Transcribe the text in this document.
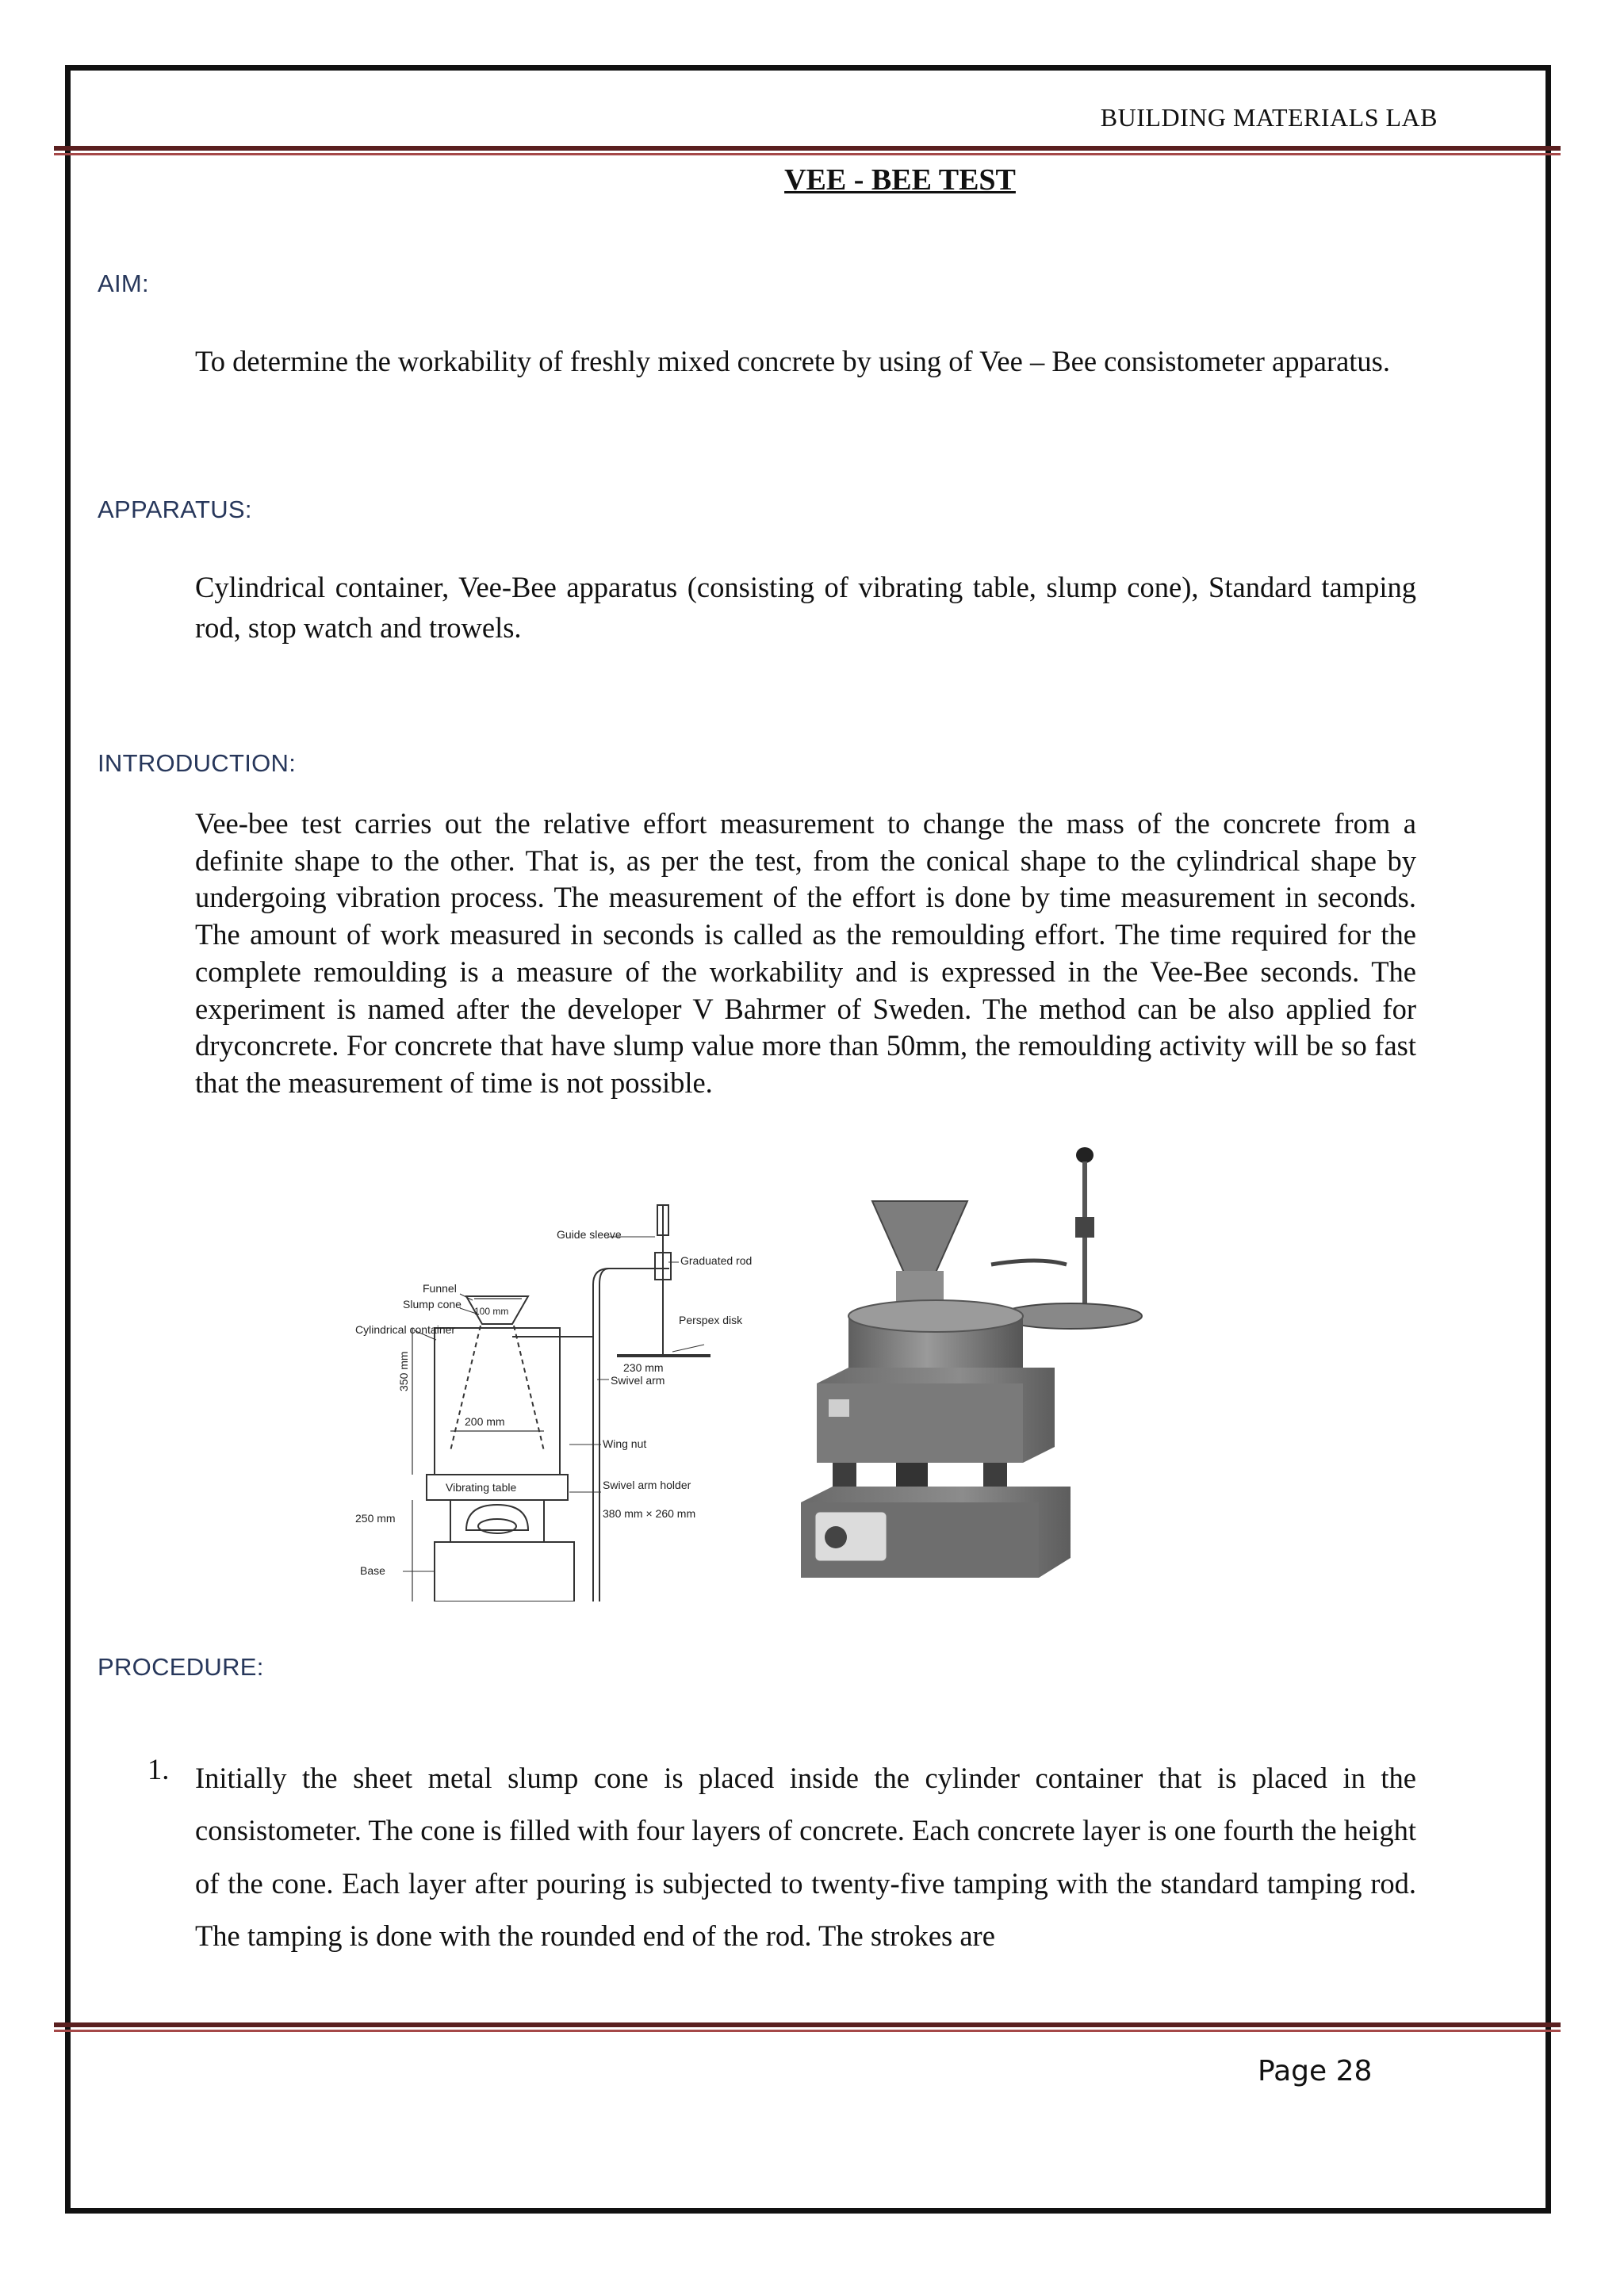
BUILDING MATERIALS LAB
VEE - BEE TEST
AIM:
To determine the workability of freshly mixed concrete by using of Vee – Bee consistometer apparatus.
APPARATUS:
Cylindrical container, Vee-Bee apparatus (consisting of vibrating table, slump cone), Standard tamping rod, stop watch and trowels.
INTRODUCTION:
Vee-bee test carries out the relative effort measurement to change the mass of the concrete from a definite shape to the other. That is, as per the test, from the conical shape to the cylindrical shape by undergoing vibration process. The measurement of the effort is done by time measurement in seconds. The amount of work measured in seconds is called as the remoulding effort. The time required for the complete remoulding is a measure of the workability and is expressed in the Vee-Bee seconds. The experiment is named after the developer V Bahrmer of Sweden. The method can be also applied for dryconcrete. For concrete that have slump value more than 50mm, the remoulding activity will be so fast that the measurement of time is not possible.
Guide sleeve
Graduated rod
Funnel
Slump cone
Perspex disk
Cylindrical container
100 mm
230 mm
Swivel arm
350 mm
200 mm
Wing nut
Vibrating table	Swivel arm holder
250 mm	380 mm × 260 mm
Base
PROCEDURE:
1. Initially the sheet metal slump cone is placed inside the cylinder container that is placed in the consistometer. The cone is filled with four layers of concrete. Each concrete layer is one fourth the height of the cone. Each layer after pouring is subjected to twenty-five tamping with the standard tamping rod. The tamping is done with the rounded end of the rod. The strokes are
Page 28
